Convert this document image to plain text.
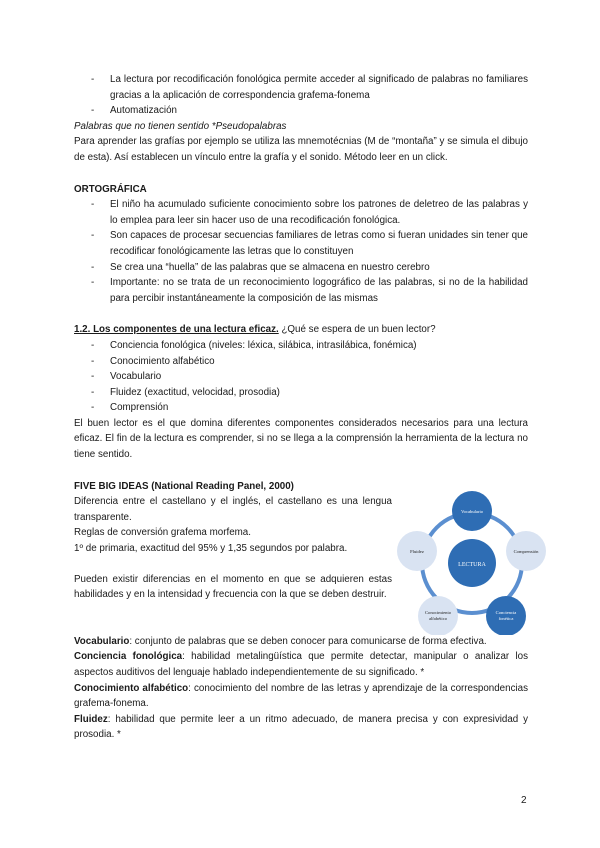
- La lectura por recodificación fonológica permite acceder al significado de palabras no familiares gracias a la aplicación de correspondencia grafema-fonema
- Automatización

Palabras que no tienen sentido *Pseudopalabras

Para aprender las grafías por ejemplo se utiliza las mnemotécnias (M de “montaña” y se simula el dibujo de esta). Así establecen un vínculo entre la grafía y el sonido. Método leer en un click.

ORTOGRÁFICA

- El niño ha acumulado suficiente conocimiento sobre los patrones de deletreo de las palabras y lo emplea para leer sin hacer uso de una recodificación fonológica.
- Son capaces de procesar secuencias familiares de letras como si fueran unidades sin tener que recodificar fonológicamente las letras que lo constituyen
- Se crea una “huella” de las palabras que se almacena en nuestro cerebro
- Importante: no se trata de un reconocimiento logográfico de las palabras, si no de la habilidad para percibir instantáneamente la composición de las mismas

1.2. Los componentes de una lectura eficaz. ¿Qué se espera de un buen lector?

- Conciencia fonológica (niveles: léxica, silábica, intrasilábica, fonémica)
- Conocimiento alfabético
- Vocabulario
- Fluidez (exactitud, velocidad, prosodia)
- Comprensión

El buen lector es el que domina diferentes componentes considerados necesarios para una lectura eficaz. El fin de la lectura es comprender, si no se llega a la comprensión la herramienta de la lectura no tiene sentido.

FIVE BIG IDEAS (National Reading Panel, 2000)

Diferencia entre el castellano y el inglés, el castellano es una lengua transparente.

Reglas de conversión grafema morfema.

1º de primaria, exactitud del 95% y 1,35 segundos por palabra.

Pueden existir diferencias en el momento en que se adquieren estas habilidades y en la intensidad y frecuencia con la que se deben destruir.

LECTURA
Vocabulario
Comprensión
Conciencia
fonética
Conocimiento
alfabético
Fluidez

Vocabulario: conjunto de palabras que se deben conocer para comunicarse de forma efectiva.

Conciencia fonológica: habilidad metalingüística que permite detectar, manipular o analizar los aspectos auditivos del lenguaje hablado independientemente de su significado. *

Conocimiento alfabético: conocimiento del nombre de las letras y aprendizaje de la correspondencias grafema-fonema.

Fluidez: habilidad que permite leer a un ritmo adecuado, de manera precisa y con expresividad y prosodia. *

2
